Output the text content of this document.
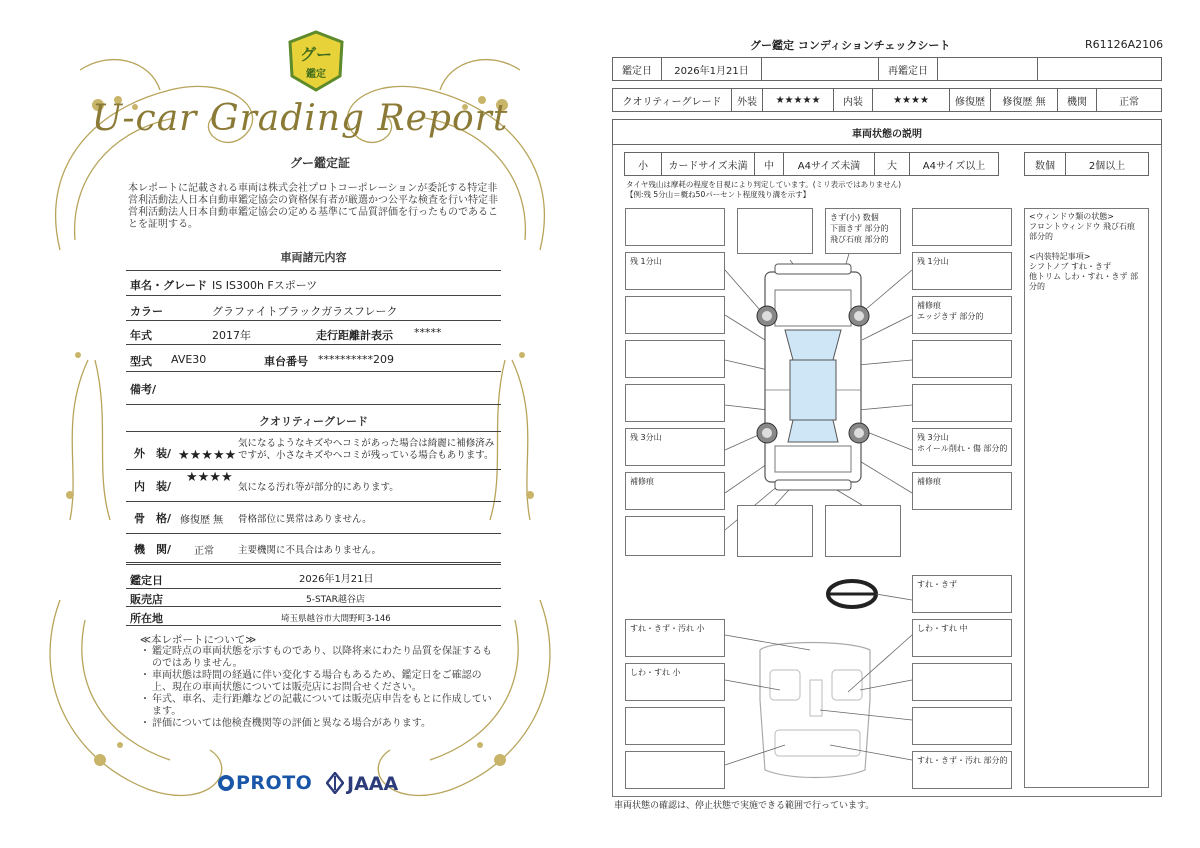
グー
鑑定
U-car Grading Report
グー鑑定証
本レポートに記載される車両は株式会社プロトコーポレーションが委託する特定非営利活動法人日本自動車鑑定協会の資格保有者が厳選かつ公平な検査を行い特定非営利活動法人日本自動車鑑定協会の定める基準にて品質評価を行ったものであることを証明する。
車両諸元内容
車名・グレード IS IS300h Fスポーツ
カラー	グラファイトブラックガラスフレーク
年式	2017年	走行距離計表示 *****
型式 AVE30	車台番号 **********209
備考/
クオリティーグレード
外　装/ ★★★★★
気になるようなキズやヘコミがあった場合は綺麗に補修済みですが、小さなキズやヘコミが残っている場合もあります。
内　装/
★★★★
気になる汚れ等が部分的にあります。
骨　格/ 修復歴 無 骨格部位に異常はありません。
機　関/ 正常	主要機関に不具合はありません。
鑑定日	2026年1月21日
販売店	5-STAR越谷店
所在地	埼玉県越谷市大間野町3-146
≪本レポートについて≫
・ 鑑定時点の車両状態を示すものであり、以降将来にわたり品質を保証するものではありません。
・ 車両状態は時間の経過に伴い変化する場合もあるため、鑑定日をご確認の上、現在の車両状態については販売店にお問合せください。
・ 年式、車名、走行距離などの記載については販売店申告をもとに作成しています。
・ 評価については他検査機関等の評価と異なる場合があります。
PROTO	JAAA
グー鑑定 コンディションチェックシート	R61126A2106
鑑定日	2026年1月21日	再鑑定日
クオリティーグレード	外装	★★★★★	内装	★★★★	修復歴	修復歴 無	機関	正常
車両状態の説明
小	カードサイズ未満	中	A4サイズ未満	大	A4サイズ以上	数個	2個以上
タイヤ残山は摩耗の程度を目視により判定しています。(ミリ表示ではありません)
【例:残 5分山＝概ね50パーセント程度残り溝を示す】
残 1分山
残 3分山
補修痕
きず(小) 数個
下面きず 部分的
飛び石痕 部分的
残 1分山
補修痕
エッジきず 部分的
残 3分山
ホイール削れ・傷 部分的
補修痕
<ウィンドウ類の状態>
フロントウィンドウ 飛び石痕 部分的
<内装特記事項>
シフトノブ すれ・きず
他トリム しわ・すれ・きず 部分的
すれ・きず
すれ・きず・汚れ 小	しわ・すれ 中
しわ・すれ 小
すれ・きず・汚れ 部分的
車両状態の確認は、停止状態で実施できる範囲で行っています。
